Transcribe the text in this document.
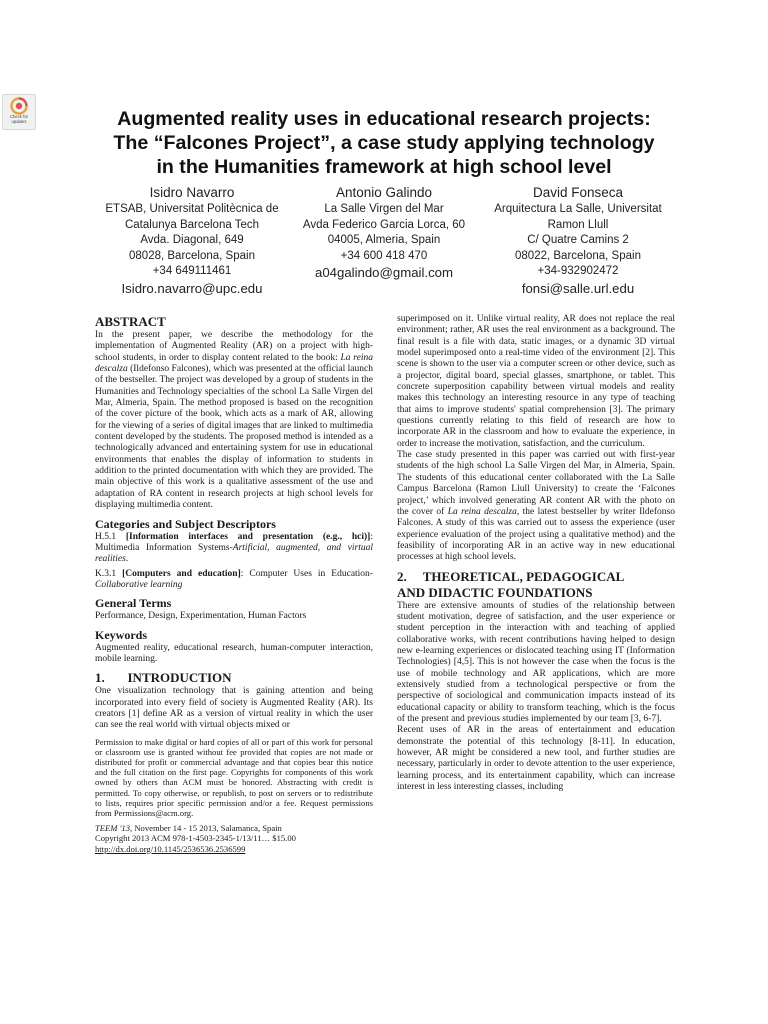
Check for
updates	Augmented reality uses in educational research projects:
The “Falcones Project”, a case study applying technology
in the Humanities framework at high school level
Isidro Navarro
ETSAB, Universitat Politècnica de
Catalunya Barcelona Tech
Avda. Diagonal, 649
08028, Barcelona, Spain
+34 649111461
Isidro.navarro@upc.edu
Antonio Galindo
La Salle Virgen del Mar
Avda Federico Garcia Lorca, 60
04005, Almeria, Spain
+34 600 418 470
a04galindo@gmail.com
David Fonseca
Arquitectura La Salle, Universitat
Ramon Llull
C/ Quatre Camins 2
08022, Barcelona, Spain
+34-932902472
fonsi@salle.url.edu
ABSTRACT

In the present paper, we describe the methodology for the implementation of Augmented Reality (AR) on a project with high-school students, in order to display content related to the book: La reina descalza (Ildefonso Falcones), which was presented at the official launch of the bestseller. The project was developed by a group of students in the Humanities and Technology specialties of the school La Salle Virgen del Mar, Almeria, Spain. The method proposed is based on the recognition of the cover picture of the book, which acts as a mark of AR, allowing for the viewing of a series of digital images that are linked to multimedia content developed by the students. The proposed method is intended as a technologically advanced and entertaining system for use in educational environments that enables the display of information to students in addition to the printed documentation with which they are provided. The main objective of this work is a qualitative assessment of the use and adaptation of RA content in research projects at high school levels for displaying multimedia content.

Categories and Subject Descriptors

H.5.1 [Information interfaces and presentation (e.g., hci)]: Multimedia Information Systems-Artificial, augmented, and virtual realities.

K.3.1 [Computers and education]: Computer Uses in Education-Collaborative learning

General Terms

Performance, Design, Experimentation, Human Factors

Keywords

Augmented reality, educational research, human-computer interaction, mobile learning.

1.       INTRODUCTION

One visualization technology that is gaining attention and being incorporated into every field of society is Augmented Reality (AR). Its creators [1] define AR as a version of virtual reality in which the user can see the real world with virtual objects mixed or

Permission to make digital or hard copies of all or part of this work for personal or classroom use is granted without fee provided that copies are not made or distributed for profit or commercial advantage and that copies bear this notice and the full citation on the first page. Copyrights for components of this work owned by others than ACM must be honored. Abstracting with credit is permitted. To copy otherwise, or republish, to post on servers or to redistribute to lists, requires prior specific permission and/or a fee. Request permissions from Permissions@acm.org.

TEEM '13, November 14 - 15 2013, Salamanca, Spain
Copyright 2013 ACM 978-1-4503-2345-1/13/11… $15.00
http://dx.doi.org/10.1145/2536536.2536599

superimposed on it. Unlike virtual reality, AR does not replace the real environment; rather, AR uses the real environment as a background. The final result is a file with data, static images, or a dynamic 3D virtual model superimposed onto a real-time video of the environment [2]. This scene is shown to the user via a computer screen or other device, such as a projector, digital board, special glasses, smartphone, or tablet. This concrete superposition capability between virtual models and reality makes this technology an interesting resource in any type of teaching that aims to improve students' spatial comprehension [3]. The primary questions currently relating to this field of research are how to incorporate AR in the classroom and how to evaluate the experience, in order to increase the motivation, satisfaction, and the curriculum.

The case study presented in this paper was carried out with first-year students of the high school La Salle Virgen del Mar, in Almeria, Spain. The students of this educational center collaborated with the La Salle Campus Barcelona (Ramon Llull University) to create the ‘Falcones project,’ which involved generating AR content AR with the photo on the cover of La reina descalza, the latest bestseller by writer Ildefonso Falcones. A study of this was carried out to assess the experience (user experience evaluation of the project using a qualitative method) and the feasibility of incorporating AR in an active way in new educational processes at high school levels.

2.     THEORETICAL, PEDAGOGICAL
AND DIDACTIC FOUNDATIONS

There are extensive amounts of studies of the relationship between student motivation, degree of satisfaction, and the user experience or student perception in the interaction with and teaching of applied collaborative works, with recent contributions having helped to design new e-learning experiences or dislocated teaching using IT (Information Technologies) [4,5]. This is not however the case when the focus is the use of mobile technology and AR applications, which are more extensively studied from a technological perspective or from the perspective of sociological and communication impacts instead of its educational capacity or ability to transform teaching, which is the focus of the present and previous studies implemented by our team [3, 6-7].

Recent uses of AR in the areas of entertainment and education demonstrate the potential of this technology [8-11]. In education, however, AR might be considered a new tool, and further studies are necessary, particularly in order to devote attention to the user experience, learning process, and its entertainment capability, which can increase interest in less interesting classes, including
